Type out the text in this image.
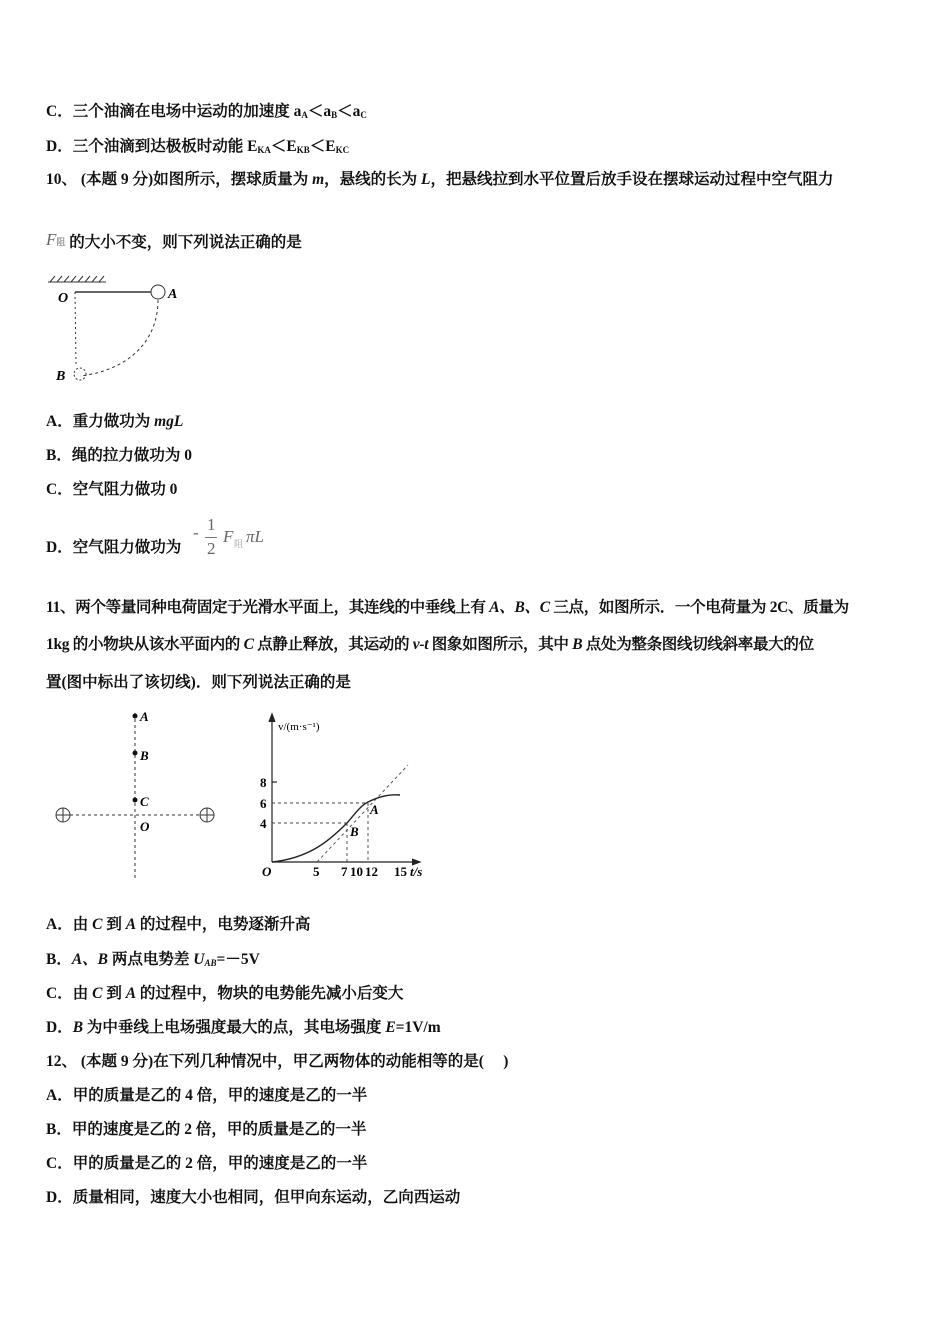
C．三个油滴在电场中运动的加速度 $a_A<a_B<a_C$
D．三个油滴到达极板时动能 $E_{KA}<E_{KB}<E_{KC}$
10、 (本题 9 分)如图所示，摆球质量为 m，悬线的长为 L，把悬线拉到水平位置后放手设在摆球运动过程中空气阻力
F阻 的大小不变，则下列说法正确的是
O	A
B
A．重力做功为 mgL
B．绳的拉力做功为 0
C．空气阻力做功 0
D．空气阻力做功为
- 1
2
F 阻 πL
11、两个等量同种电荷固定于光滑水平面上，其连线的中垂线上有 A、B、C 三点，如图所示．一个电荷量为 2C、质量为
1kg 的小物块从该水平面内的 C 点静止释放，其运动的 v-t 图象如图所示，其中 B 点处为整条图线切线斜率最大的位
置(图中标出了该切线)．则下列说法正确的是
A
B
C
O
v/(m·s⁻¹)
8
6
4
O	5 7 10 12 15 t/s
A
B
A．由 C 到 A 的过程中，电势逐渐升高
B．A、B 两点电势差 $U_{AB}=-5V$
C．由 C 到 A 的过程中，物块的电势能先减小后变大
D．B 为中垂线上电场强度最大的点，其电场强度 E=1V/m
12、 (本题 9 分)在下列几种情况中，甲乙两物体的动能相等的是(　 )
A．甲的质量是乙的 4 倍，甲的速度是乙的一半
B．甲的速度是乙的 2 倍，甲的质量是乙的一半
C．甲的质量是乙的 2 倍，甲的速度是乙的一半
D．质量相同，速度大小也相同，但甲向东运动，乙向西运动
